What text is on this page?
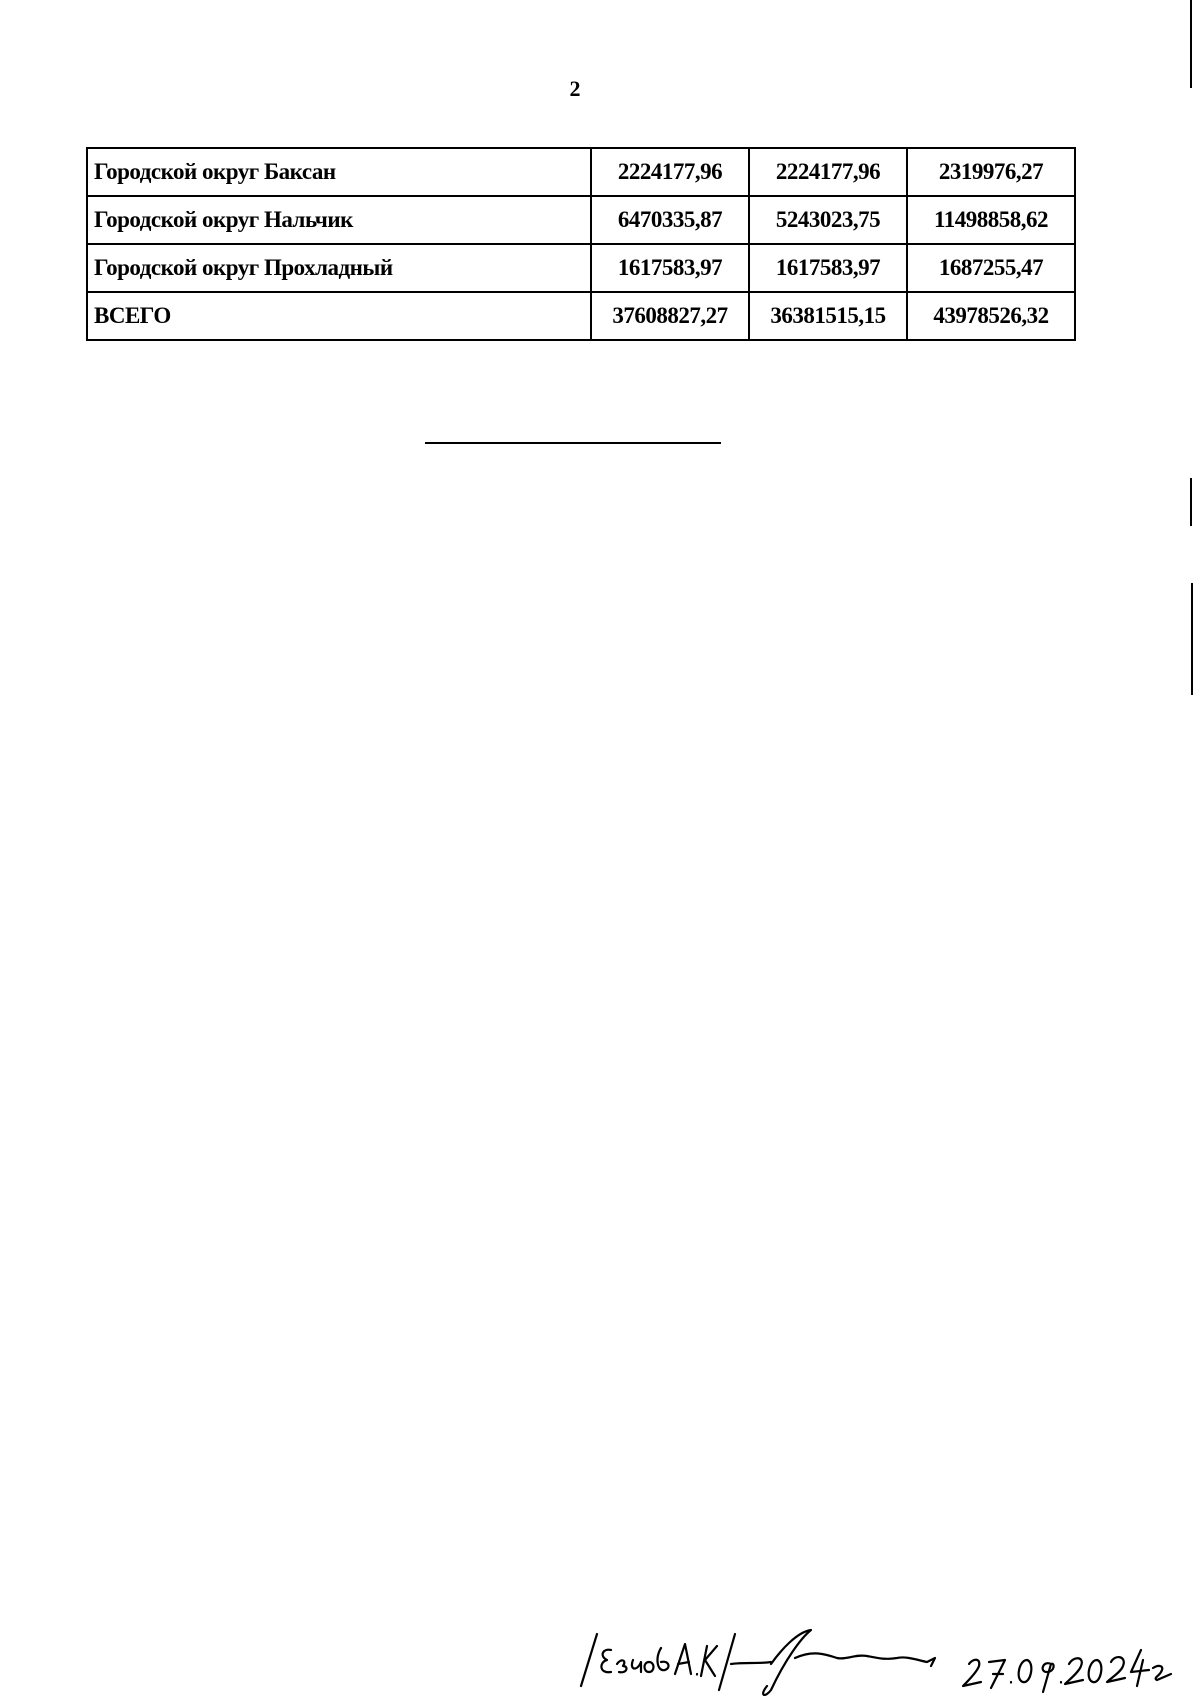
2
Городской округ Баксан	2224177,96	2224177,96	2319976,27
Городской округ Нальчик	6470335,87	5243023,75	11498858,62
Городской округ Прохладный	1617583,97	1617583,97	1687255,47
ВСЕГО	37608827,27	36381515,15	43978526,32
